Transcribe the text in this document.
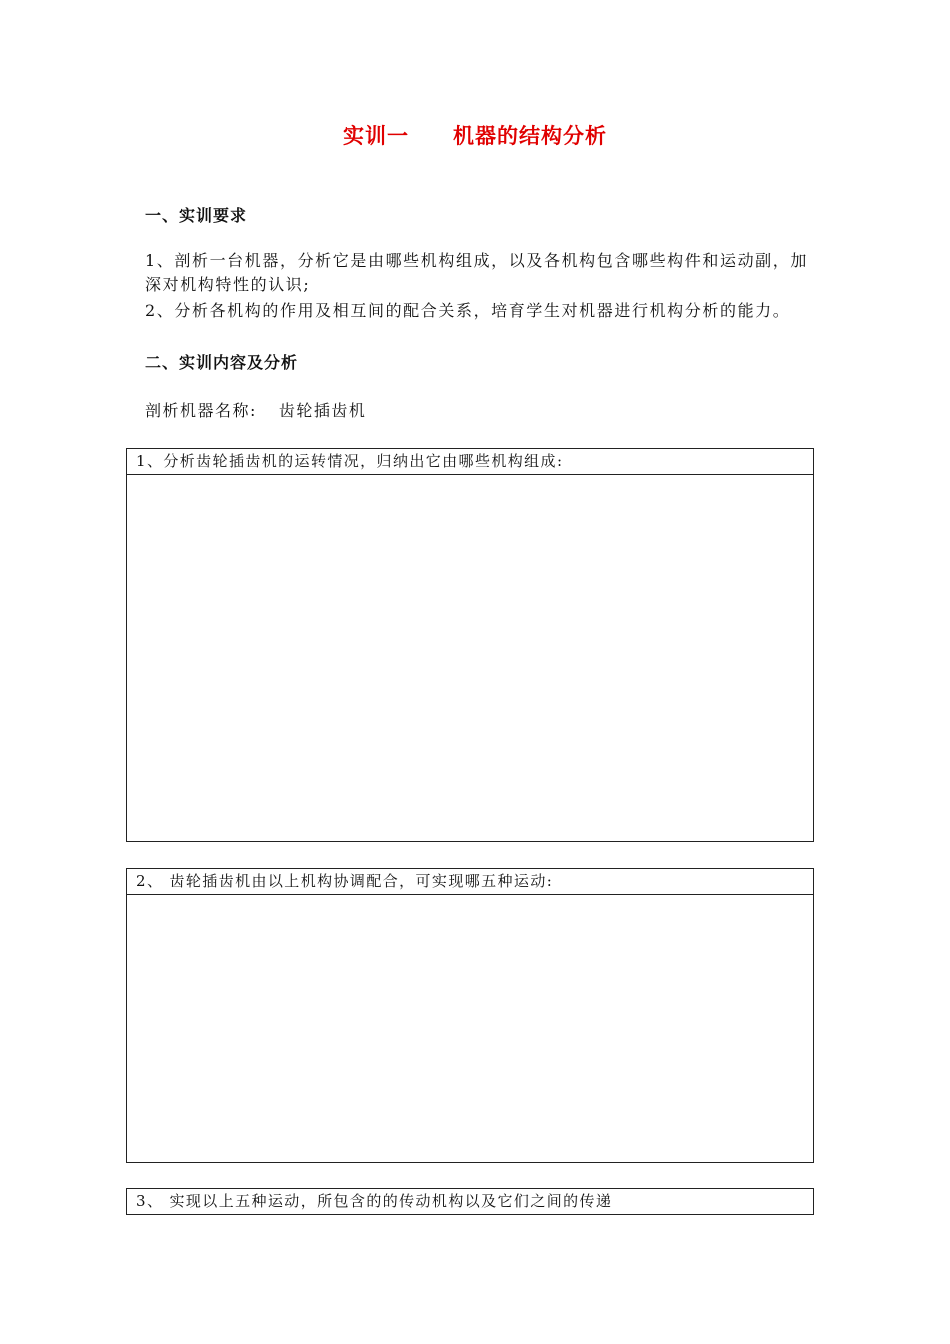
实训一　　机器的结构分析
一、实训要求
1、剖析一台机器，分析它是由哪些机构组成，以及各机构包含哪些构件和运动副，加深对机构特性的认识;
2、分析各机构的作用及相互间的配合关系，培育学生对机器进行机构分析的能力。
二、实训内容及分析
剖析机器名称: 齿轮插齿机
1、分析齿轮插齿机的运转情况，归纳出它由哪些机构组成:
2、 齿轮插齿机由以上机构协调配合，可实现哪五种运动:
3、 实现以上五种运动，所包含的的传动机构以及它们之间的传递
